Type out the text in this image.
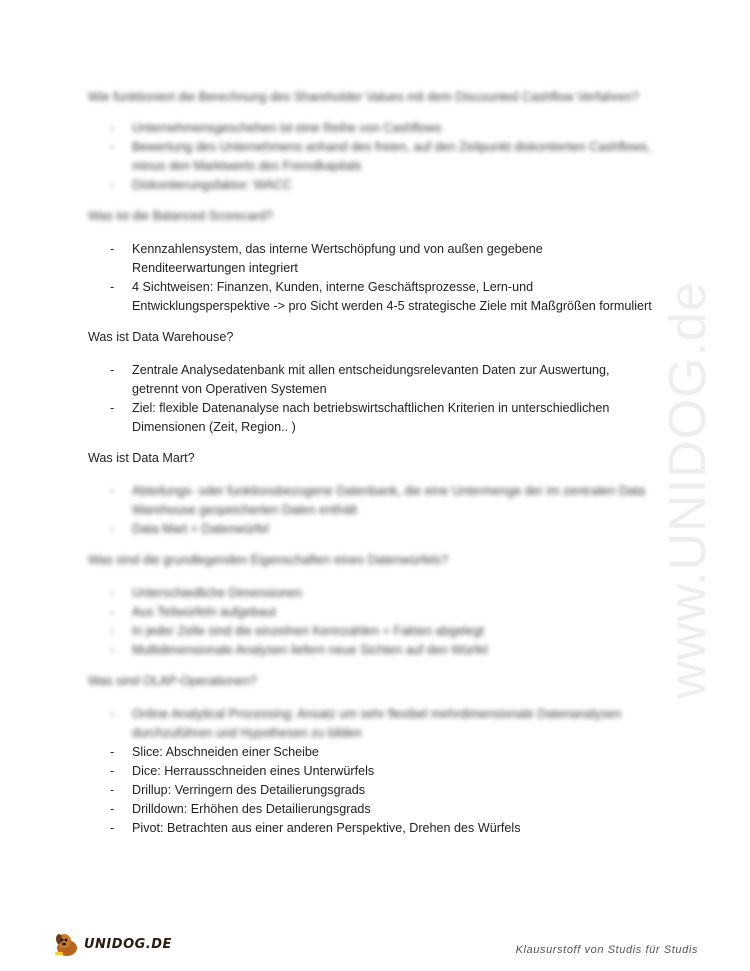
www.UNIDOG.de

Wie funktioniert die Berechnung des Shareholder Values mit dem Discounted Cashflow Verfahren?

- Unternehmensgeschehen ist eine Reihe von Cashflows
- Bewertung des Unternehmens anhand des freien, auf den Zeitpunkt diskontierten Cashflows, minus den Marktwerts des Fremdkapitals
- Diskontierungsfaktor: WACC

Was ist die Balanced Scorecard?

- Kennzahlensystem, das interne Wertschöpfung und von außen gegebene Renditeerwartungen integriert
- 4 Sichtweisen: Finanzen, Kunden, interne Geschäftsprozesse, Lern-und Entwicklungsperspektive -> pro Sicht werden 4-5 strategische Ziele mit Maßgrößen formuliert

Was ist Data Warehouse?

- Zentrale Analysedatenbank mit allen entscheidungsrelevanten Daten zur Auswertung, getrennt von Operativen Systemen
- Ziel: flexible Datenanalyse nach betriebswirtschaftlichen Kriterien in unterschiedlichen Dimensionen (Zeit, Region.. )

Was ist Data Mart?

- Abteilungs- oder funktionsbezogene Datenbank, die eine Untermenge der im zentralen Data Warehouse gespeicherten Daten enthält
- Data Mart = Datenwürfel

Was sind die grundlegenden Eigenschaften eines Datenwürfels?

- Unterschiedliche Dimensionen
- Aus Teilwürfeln aufgebaut
- In jeder Zelle sind die einzelnen Kennzahlen = Fakten abgelegt
- Multidimensionale Analysen liefern neue Sichten auf den Würfel

Was sind OLAP-Operationen?

- Online Analytical Processing: Ansatz um sehr flexibel mehrdimensionale Datenanalysen durchzuführen und Hypothesen zu bilden
- Slice: Abschneiden einer Scheibe
- Dice: Herrausschneiden eines Unterwürfels
- Drillup: Verringern des Detailierungsgrads
- Drilldown: Erhöhen des Detailierungsgrads
- Pivot: Betrachten aus einer anderen Perspektive, Drehen des Würfels
UNIDOG.DE	Klausurstoff von Studis für Studis
